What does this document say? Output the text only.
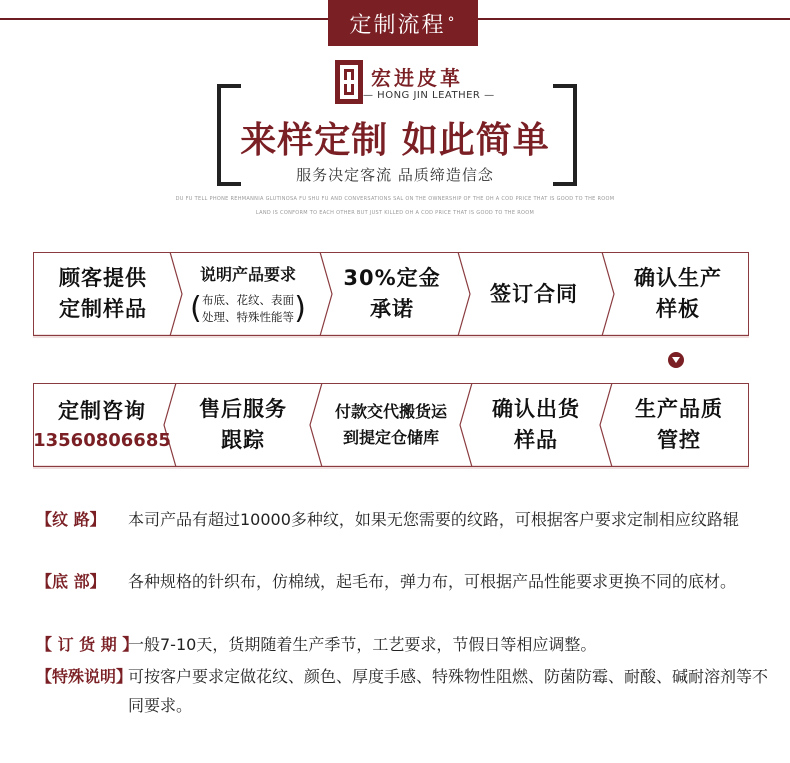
定制流程 °
宏进皮革
— HONG JIN LEATHER —
来样定制 如此简单
服务决定客流 品质缔造信念
DU FU TELL PHONE REHMANNIA GLUTINOSA FU SHU FU AND CONVERSATIONS SAL ON THE OWNERSHIP OF THE OH A COD PRICE THAT IS GOOD TO THE ROOM
LAND IS CONFORM TO EACH OTHER BUT JUST KILLED OH A COD PRICE THAT IS GOOD TO THE ROOM
顾客提供
定制样品
说明产品要求
( 布底、花纹、表面
处理、特殊性能等 )
30%定金
承诺
签订合同
确认生产
样板
定制咨询
13560806685
售后服务
跟踪
付款交代搬货运
到提定仓储库
确认出货
样品
生产品质
管控
【纹 路】 本司产品有超过10000多种纹，如果无您需要的纹路，可根据客户要求定制相应纹路辊
【底 部】 各种规格的针织布，仿棉绒，起毛布，弹力布，可根据产品性能要求更换不同的底材。
【 订 货 期 】
一般7-10天，货期随着生产季节，工艺要求，节假日等相应调整。
【特殊说明】
可按客户要求定做花纹、颜色、厚度手感、特殊物性阻燃、防菌防霉、耐酸、碱耐溶剂等不同要求。
